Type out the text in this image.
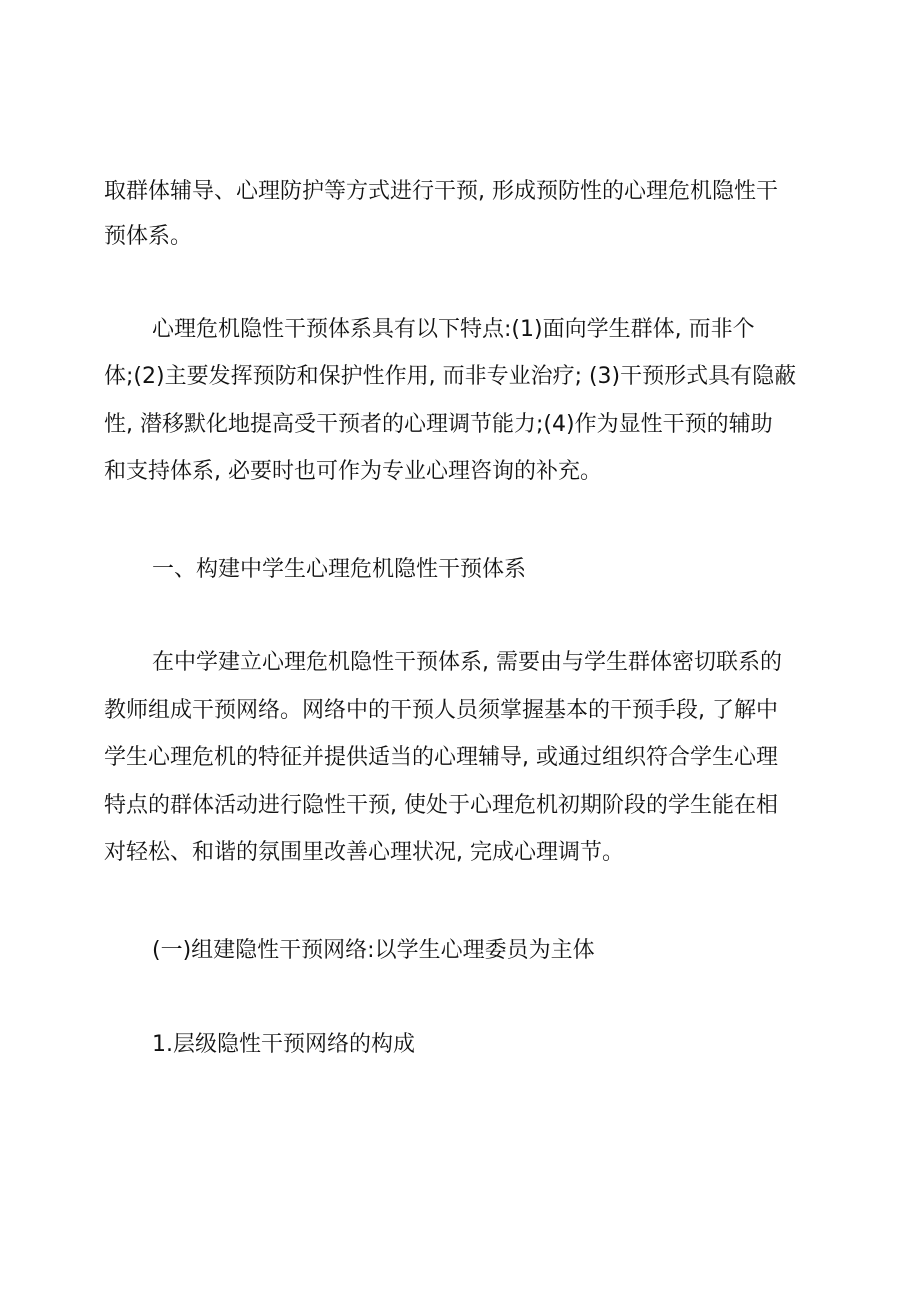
取群体辅导、心理防护等方式进行干预, 形成预防性的心理危机隐性干
预体系。
心理危机隐性干预体系具有以下特点:(1)面向学生群体, 而非个
体;(2)主要发挥预防和保护性作用, 而非专业治疗; (3)干预形式具有隐蔽
性, 潜移默化地提高受干预者的心理调节能力;(4)作为显性干预的辅助
和支持体系, 必要时也可作为专业心理咨询的补充。
一、构建中学生心理危机隐性干预体系
在中学建立心理危机隐性干预体系, 需要由与学生群体密切联系的
教师组成干预网络。网络中的干预人员须掌握基本的干预手段, 了解中
学生心理危机的特征并提供适当的心理辅导, 或通过组织符合学生心理
特点的群体活动进行隐性干预, 使处于心理危机初期阶段的学生能在相
对轻松、和谐的氛围里改善心理状况, 完成心理调节。
(一)组建隐性干预网络:以学生心理委员为主体
1.层级隐性干预网络的构成
